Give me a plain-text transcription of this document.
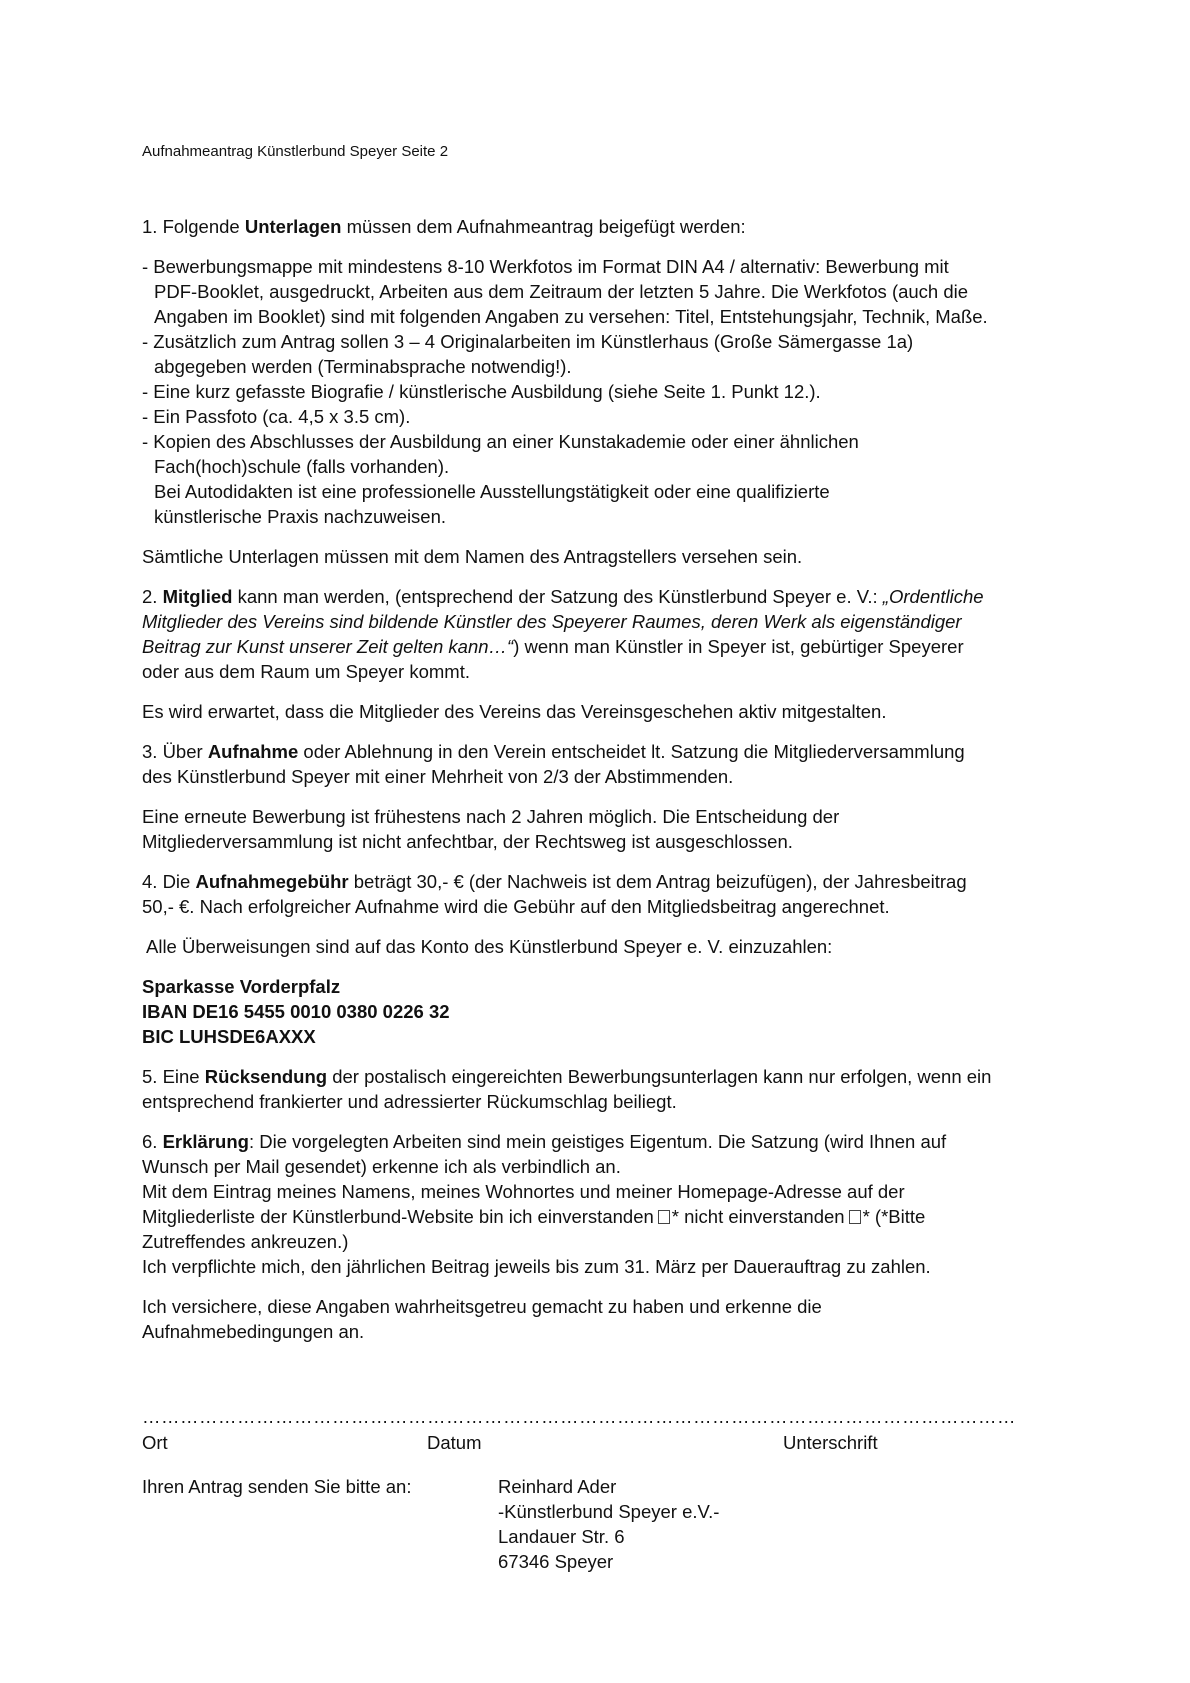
Aufnahmeantrag Künstlerbund Speyer Seite 2
1. Folgende Unterlagen müssen dem Aufnahmeantrag beigefügt werden:
- Bewerbungsmappe mit mindestens 8-10 Werkfotos im Format DIN A4 / alternativ: Bewerbung mit
PDF-Booklet, ausgedruckt, Arbeiten aus dem Zeitraum der letzten 5 Jahre. Die Werkfotos (auch die
Angaben im Booklet) sind mit folgenden Angaben zu versehen: Titel, Entstehungsjahr, Technik, Maße.
- Zusätzlich zum Antrag sollen 3 – 4 Originalarbeiten im Künstlerhaus (Große Sämergasse 1a)
abgegeben werden (Terminabsprache notwendig!).
- Eine kurz gefasste Biografie / künstlerische Ausbildung (siehe Seite 1. Punkt 12.).
- Ein Passfoto (ca. 4,5 x 3.5 cm).
- Kopien des Abschlusses der Ausbildung an einer Kunstakademie oder einer ähnlichen
Fach(hoch)schule (falls vorhanden).
Bei Autodidakten ist eine professionelle Ausstellungstätigkeit oder eine qualifizierte
künstlerische Praxis nachzuweisen.
Sämtliche Unterlagen müssen mit dem Namen des Antragstellers versehen sein.
2. Mitglied kann man werden, (entsprechend der Satzung des Künstlerbund Speyer e. V.: „Ordentliche
Mitglieder des Vereins sind bildende Künstler des Speyerer Raumes, deren Werk als eigenständiger
Beitrag zur Kunst unserer Zeit gelten kann…“) wenn man Künstler in Speyer ist, gebürtiger Speyerer
oder aus dem Raum um Speyer kommt.
Es wird erwartet, dass die Mitglieder des Vereins das Vereinsgeschehen aktiv mitgestalten.
3. Über Aufnahme oder Ablehnung in den Verein entscheidet lt. Satzung die Mitgliederversammlung
des Künstlerbund Speyer mit einer Mehrheit von 2/3 der Abstimmenden.
Eine erneute Bewerbung ist frühestens nach 2 Jahren möglich. Die Entscheidung der
Mitgliederversammlung ist nicht anfechtbar, der Rechtsweg ist ausgeschlossen.
4. Die Aufnahmegebühr beträgt 30,- € (der Nachweis ist dem Antrag beizufügen), der Jahresbeitrag
50,- €. Nach erfolgreicher Aufnahme wird die Gebühr auf den Mitgliedsbeitrag angerechnet.
Alle Überweisungen sind auf das Konto des Künstlerbund Speyer e. V. einzuzahlen:
Sparkasse Vorderpfalz
IBAN DE16 5455 0010 0380 0226 32
BIC LUHSDE6AXXX
5. Eine Rücksendung der postalisch eingereichten Bewerbungsunterlagen kann nur erfolgen, wenn ein
entsprechend frankierter und adressierter Rückumschlag beiliegt.
6. Erklärung: Die vorgelegten Arbeiten sind mein geistiges Eigentum. Die Satzung (wird Ihnen auf
Wunsch per Mail gesendet) erkenne ich als verbindlich an.
Mit dem Eintrag meines Namens, meines Wohnortes und meiner Homepage-Adresse auf der
Mitgliederliste der Künstlerbund-Website bin ich einverstanden * nicht einverstanden * (*Bitte
Zutreffendes ankreuzen.)
Ich verpflichte mich, den jährlichen Beitrag jeweils bis zum 31. März per Dauerauftrag zu zahlen.
Ich versichere, diese Angaben wahrheitsgetreu gemacht zu haben und erkenne die
Aufnahmebedingungen an.
…………………………………………………………………………………………………………………………
Ort	Datum	Unterschrift
Ihren Antrag senden Sie bitte an:	Reinhard Ader
-Künstlerbund Speyer e.V.-
Landauer Str. 6
67346 Speyer
